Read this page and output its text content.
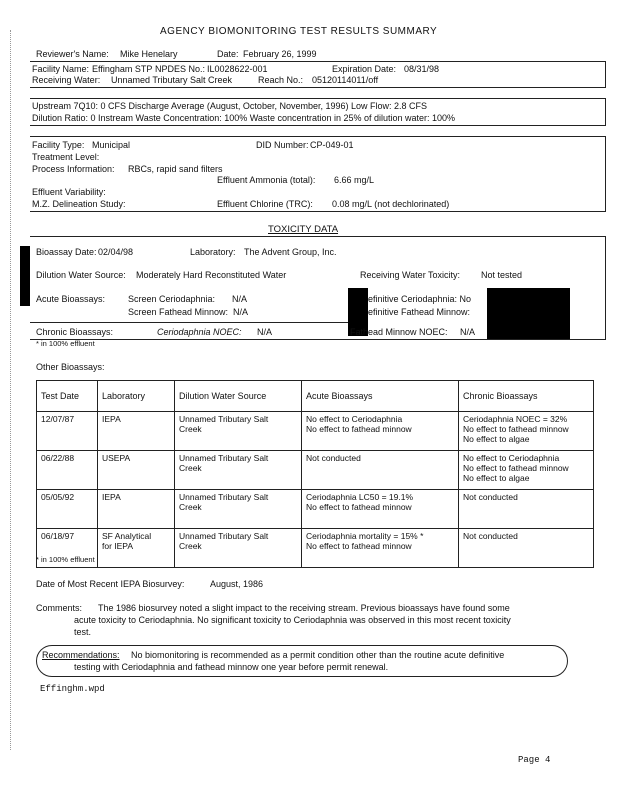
AGENCY BIOMONITORING TEST RESULTS SUMMARY
Reviewer's Name: Mike Henelary	Date: February 26, 1999
Facility Name: Effingham STP NPDES No.: IL0028622-001	Expiration Date: 08/31/98
Receiving Water: Unnamed Tributary Salt Creek	Reach No.: 05120114011/off
Upstream 7Q10: 0 CFS Discharge Average (August, October, November, 1996) Low Flow: 2.8 CFS
Dilution Ratio: 0 Instream Waste Concentration: 100% Waste concentration in 25% of dilution water: 100%
Facility Type: Municipal	DID Number: CP-049-01
Treatment Level:
Process Information: RBCs, rapid sand filters
Effluent Ammonia (total): 6.66 mg/L
Effluent Variability:
M.Z. Delineation Study:	Effluent Chlorine (TRC): 0.08 mg/L (not dechlorinated)
TOXICITY DATA
Bioassay Date: 02/04/98	Laboratory: The Advent Group, Inc.
Dilution Water Source: Moderately Hard Reconstituted Water	Receiving Water Toxicity: Not tested
Acute Bioassays:	Screen Ceriodaphnia: N/A
Screen Fathead Minnow: N/A
efinitive Ceriodaphnia: No
efinitive Fathead Minnow:
Chronic Bioassays:	Ceriodaphnia NOEC: N/A	Fathead Minnow NOEC: N/A
* in 100% effluent
Other Bioassays:
Test Date	Laboratory	Dilution Water Source	Acute Bioassays	Chronic Bioassays
12/07/87	IEPA	Unnamed Tributary Salt
Creek	No effect to Ceriodaphnia
No effect to fathead minnow	Ceriodaphnia NOEC = 32%
No effect to fathead minnow
No effect to algae

06/22/88	USEPA	Unnamed Tributary Salt
Creek	Not conducted	No effect to Ceriodaphnia
No effect to fathead minnow
No effect to algae

05/05/92	IEPA	Unnamed Tributary Salt
Creek	Ceriodaphnia LC50 = 19.1%
No effect to fathead minnow	Not conducted

06/18/97	SF Analytical
for IEPA	Unnamed Tributary Salt
Creek	Ceriodaphnia mortality = 15% *
No effect to fathead minnow	Not conducted
* in 100% effluent
Date of Most Recent IEPA Biosurvey:	August, 1986
Comments: The 1986 biosurvey noted a slight impact to the receiving stream. Previous bioassays have found some
acute toxicity to Ceriodaphnia. No significant toxicity to Ceriodaphnia was observed in this most recent toxicity
test.
Recommendations: No biomonitoring is recommended as a permit condition other than the routine acute definitive
testing with Ceriodaphnia and fathead minnow one year before permit renewal.
Effinghm.wpd
Page 4
